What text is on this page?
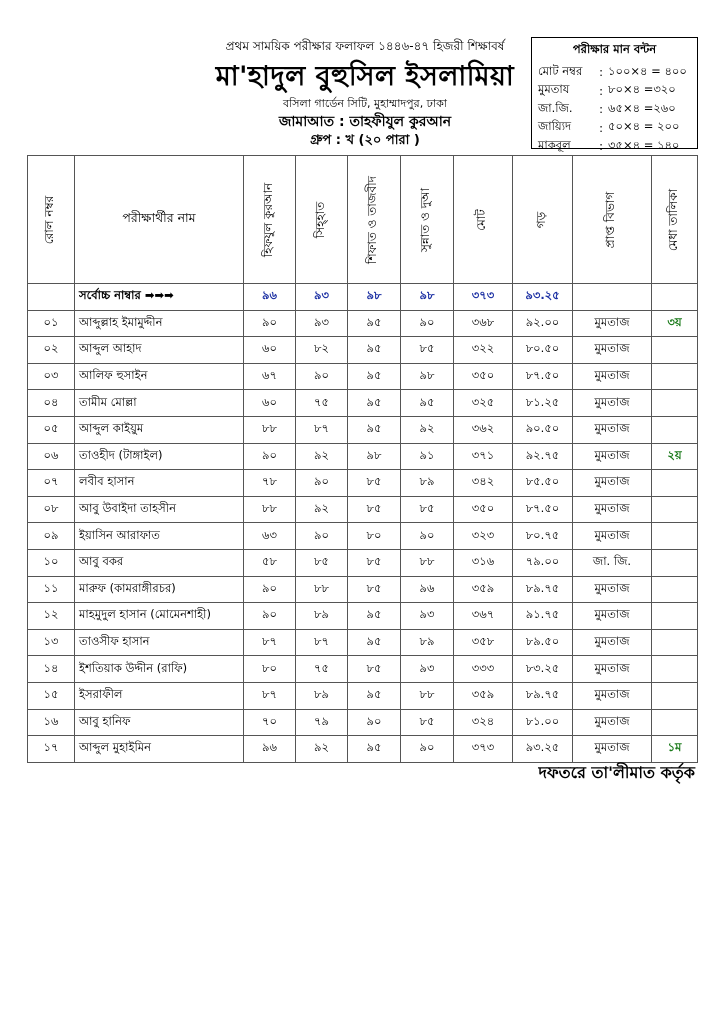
প্রথম সাময়িক পরীক্ষার ফলাফল ১৪৪৬-৪৭ হিজরী শিক্ষাবর্ষ
মা'হাদুল বুহুসিল ইসলামিয়া
বসিলা গার্ডেন সিটি, মুহাম্মাদপুর, ঢাকা
জামাআত : তাহফীযুল কুরআন
গ্রুপ : খ (২০ পারা )
পরীক্ষার মান বন্টন
মোট নম্বর	: ১০০×৪ = ৪০০
মুমতায	: ৮০×৪ =৩২০
জা.জি.	: ৬৫×৪ =২৬০
জায়্যিদ	: ৫০×৪ = ২০০
মাকবূল	: ৩৫×৪ = ১৪০
রোল নম্বর	পরীক্ষার্থীর নাম	হিফযুল কুরআন	সিহ্হাত	শিফাত ও তাজবীদ	সুন্নাত ও দুআ	মোট	গড়	প্রাপ্ত বিভাগ	মেধা তালিকা

	সর্বোচ্চ নাম্বার ➡➡➡	৯৬	৯৩	৯৮	৯৮	৩৭৩	৯৩.২৫		
০১	আব্দুল্লাহ ইমামুদ্দীন	৯০	৯৩	৯৫	৯০	৩৬৮	৯২.০০	মুমতাজ	৩য়
০২	আব্দুল আহাদ	৬০	৮২	৯৫	৮৫	৩২২	৮০.৫০	মুমতাজ	
০৩	আলিফ হুসাইন	৬৭	৯০	৯৫	৯৮	৩৫০	৮৭.৫০	মুমতাজ	
০৪	তামীম মোল্লা	৬০	৭৫	৯৫	৯৫	৩২৫	৮১.২৫	মুমতাজ	
০৫	আব্দুল কাইয়ুম	৮৮	৮৭	৯৫	৯২	৩৬২	৯০.৫০	মুমতাজ	
০৬	তাওহীদ (টাঙ্গাইল)	৯০	৯২	৯৮	৯১	৩৭১	৯২.৭৫	মুমতাজ	২য়
০৭	লবীব হাসান	৭৮	৯০	৮৫	৮৯	৩৪২	৮৫.৫০	মুমতাজ	
০৮	আবু উবাইদা তাহসীন	৮৮	৯২	৮৫	৮৫	৩৫০	৮৭.৫০	মুমতাজ	
০৯	ইয়াসিন আরাফাত	৬৩	৯০	৮০	৯০	৩২৩	৮০.৭৫	মুমতাজ	
১০	আবু বকর	৫৮	৮৫	৮৫	৮৮	৩১৬	৭৯.০০	জা. জি.	
১১	মারুফ (কামরাঙ্গীরচর)	৯০	৮৮	৮৫	৯৬	৩৫৯	৮৯.৭৫	মুমতাজ	
১২	মাহমুদুল হাসান (মোমেনশাহী)	৯০	৮৯	৯৫	৯৩	৩৬৭	৯১.৭৫	মুমতাজ	
১৩	তাওসীফ হাসান	৮৭	৮৭	৯৫	৮৯	৩৫৮	৮৯.৫০	মুমতাজ	
১৪	ইশতিয়াক উদ্দীন (রাফি)	৮০	৭৫	৮৫	৯৩	৩৩৩	৮৩.২৫	মুমতাজ	
১৫	ইসরাফীল	৮৭	৮৯	৯৫	৮৮	৩৫৯	৮৯.৭৫	মুমতাজ	
১৬	আবু হানিফ	৭০	৭৯	৯০	৮৫	৩২৪	৮১.০০	মুমতাজ	
১৭	আব্দুল মুহাইমিন	৯৬	৯২	৯৫	৯০	৩৭৩	৯৩.২৫	মুমতাজ	১ম
দফতরে তা'লীমাত কর্তৃক
